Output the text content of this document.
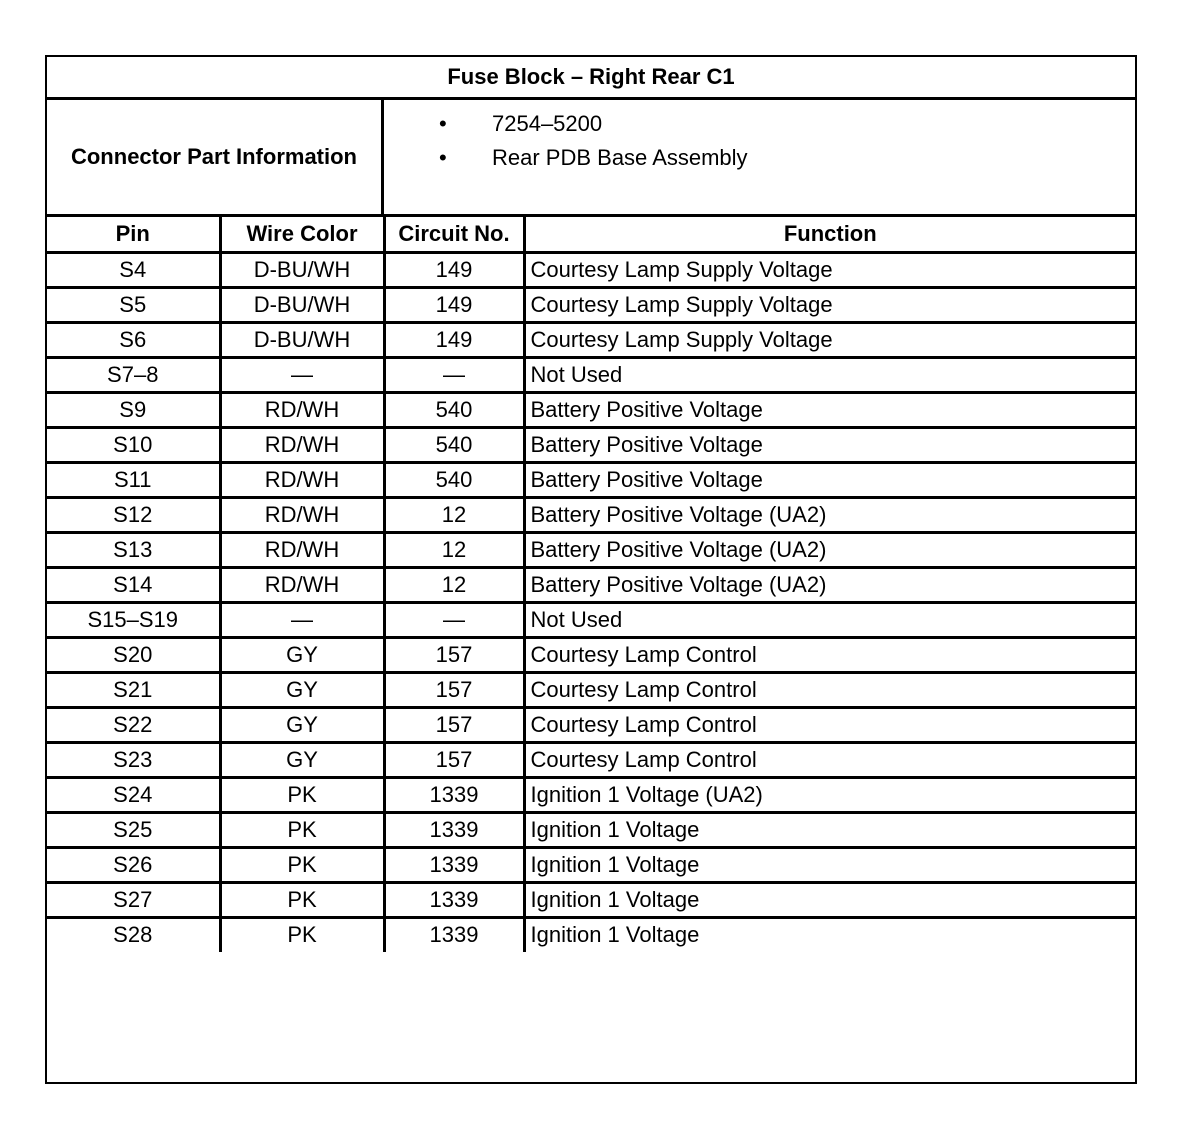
Fuse Block – Right Rear C1
Connector Part Information
• 7254–5200
• Rear PDB Base Assembly
Pin	Wire Color	Circuit No.	Function
S4	D-BU/WH	149	Courtesy Lamp Supply Voltage
S5	D-BU/WH	149	Courtesy Lamp Supply Voltage
S6	D-BU/WH	149	Courtesy Lamp Supply Voltage
S7–8	—	—	Not Used
S9	RD/WH	540	Battery Positive Voltage
S10	RD/WH	540	Battery Positive Voltage
S11	RD/WH	540	Battery Positive Voltage
S12	RD/WH	12	Battery Positive Voltage (UA2)
S13	RD/WH	12	Battery Positive Voltage (UA2)
S14	RD/WH	12	Battery Positive Voltage (UA2)
S15–S19	—	—	Not Used
S20	GY	157	Courtesy Lamp Control
S21	GY	157	Courtesy Lamp Control
S22	GY	157	Courtesy Lamp Control
S23	GY	157	Courtesy Lamp Control
S24	PK	1339	Ignition 1 Voltage (UA2)
S25	PK	1339	Ignition 1 Voltage
S26	PK	1339	Ignition 1 Voltage
S27	PK	1339	Ignition 1 Voltage
S28	PK	1339	Ignition 1 Voltage
